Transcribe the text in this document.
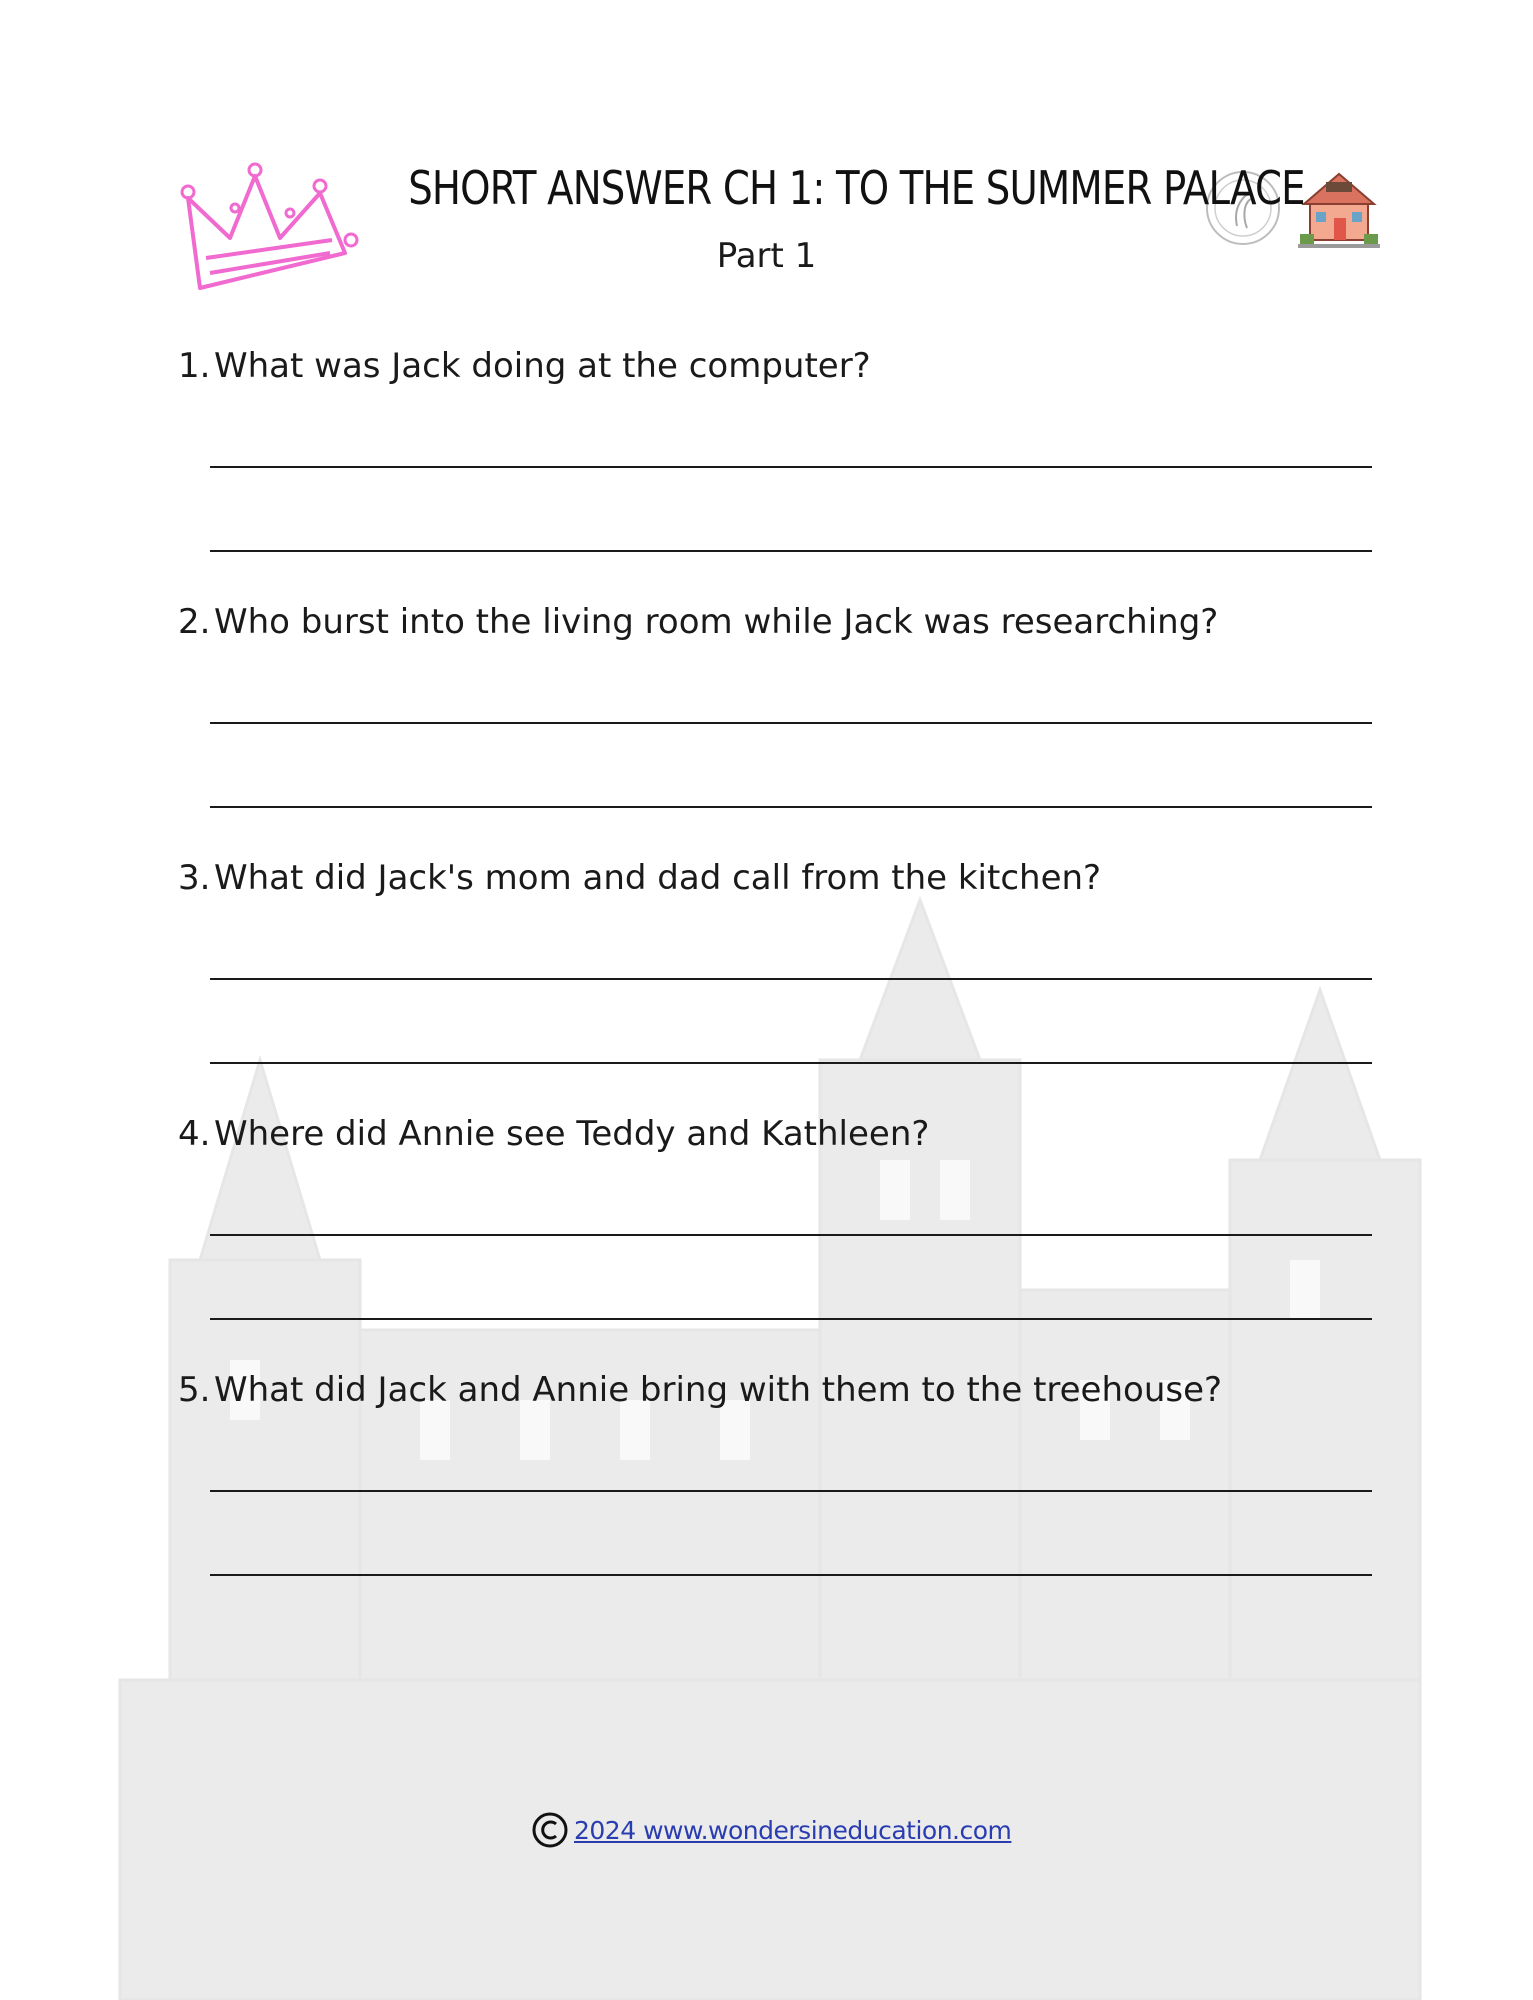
SHORT ANSWER CH 1: TO THE SUMMER PALACE
Part 1
1. What was Jack doing at the computer?
2. Who burst into the living room while Jack was researching?
3. What did Jack's mom and dad call from the kitchen?
4. Where did Annie see Teddy and Kathleen?
5. What did Jack and Annie bring with them to the treehouse?
2024 www.wondersineducation.com
